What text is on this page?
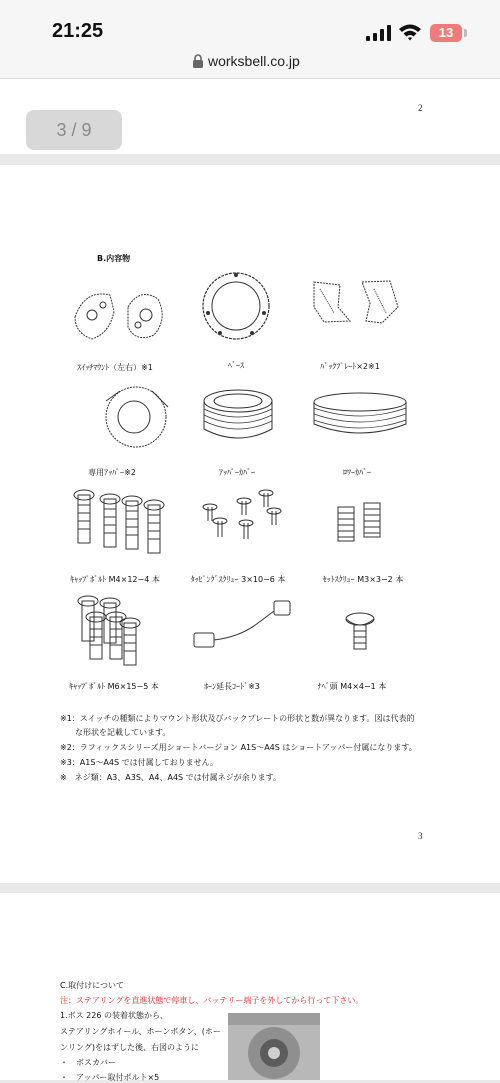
21:25	13
worksbell.co.jp
2
3 / 9
B.内容物
ｽｲｯﾁﾏｳﾝﾄ（左右）※1	ﾍﾞｰｽ	ﾊﾞｯｸﾌﾟﾚｰﾄ×2※1
専用ｱｯﾊﾟｰ※2	ｱｯﾊﾟｰｶﾊﾞｰ	ﾛﾜｰｶﾊﾞｰ
ｷｬｯﾌﾟﾎﾞﾙﾄ M4×12−4 本	ﾀｯﾋﾟﾝｸﾞｽｸﾘｭｰ 3×10−6 本	ｾｯﾄｽｸﾘｭｰ M3×3−2 本
ｷｬｯﾌﾟﾎﾞﾙﾄ M6×15−5 本	ﾎｰﾝ延長ｺｰﾄﾞ※3	ﾅﾍﾞ頭 M4×4−1 本
※1：スイッチの種類によりマウント形状及びバックプレートの形状と数が異なります。図は代表的
な形状を記載しています。
※2：ラフィックスシリーズ用ショートバージョン A1S〜A4S はショートアッパー付属になります。
※3：A1S〜A4S では付属しておりません。
※　ネジ類：A3、A3S、A4、A4S では付属ネジが余ります。
3
C.取付けについて
注：ステアリングを直進状態で停車し、バッテリー端子を外してから行って下さい。
1.ボス 226 の装着状態から、
ステアリングホイール、ホーンボタン、(ホー
ンリング)をはずした後、右図のように
・　ボスカバー
・　アッパー取付ボルト×5
